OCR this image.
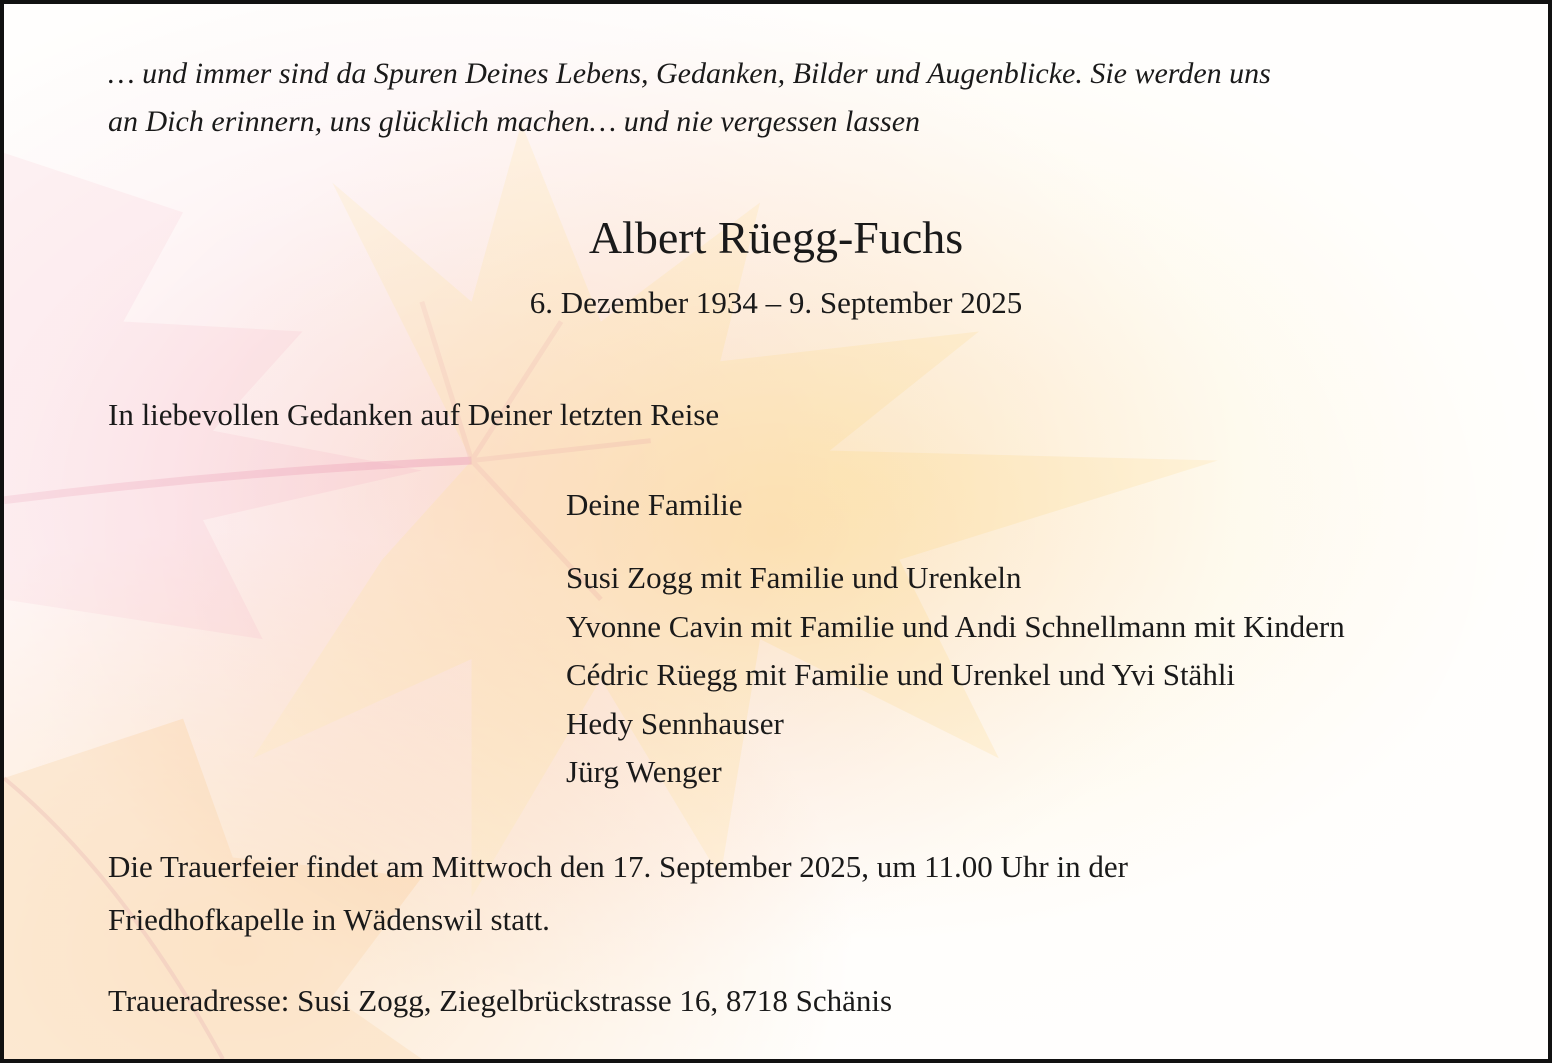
… und immer sind da Spuren Deines Lebens, Gedanken, Bilder und Augenblicke. Sie werden uns
an Dich erinnern, uns glücklich machen… und nie vergessen lassen

Albert Rüegg-Fuchs
6. Dezember 1934 – 9. September 2025
In liebevollen Gedanken auf Deiner letzten Reise
Deine Familie
Susi Zogg mit Familie und Urenkeln
Yvonne Cavin mit Familie und Andi Schnellmann mit Kindern
Cédric Rüegg mit Familie und Urenkel und Yvi Stähli
Hedy Sennhauser
Jürg Wenger
Die Trauerfeier findet am Mittwoch den 17. September 2025, um 11.00 Uhr in der
Friedhofkapelle in Wädenswil statt.
Traueradresse: Susi Zogg, Ziegelbrückstrasse 16, 8718 Schänis
